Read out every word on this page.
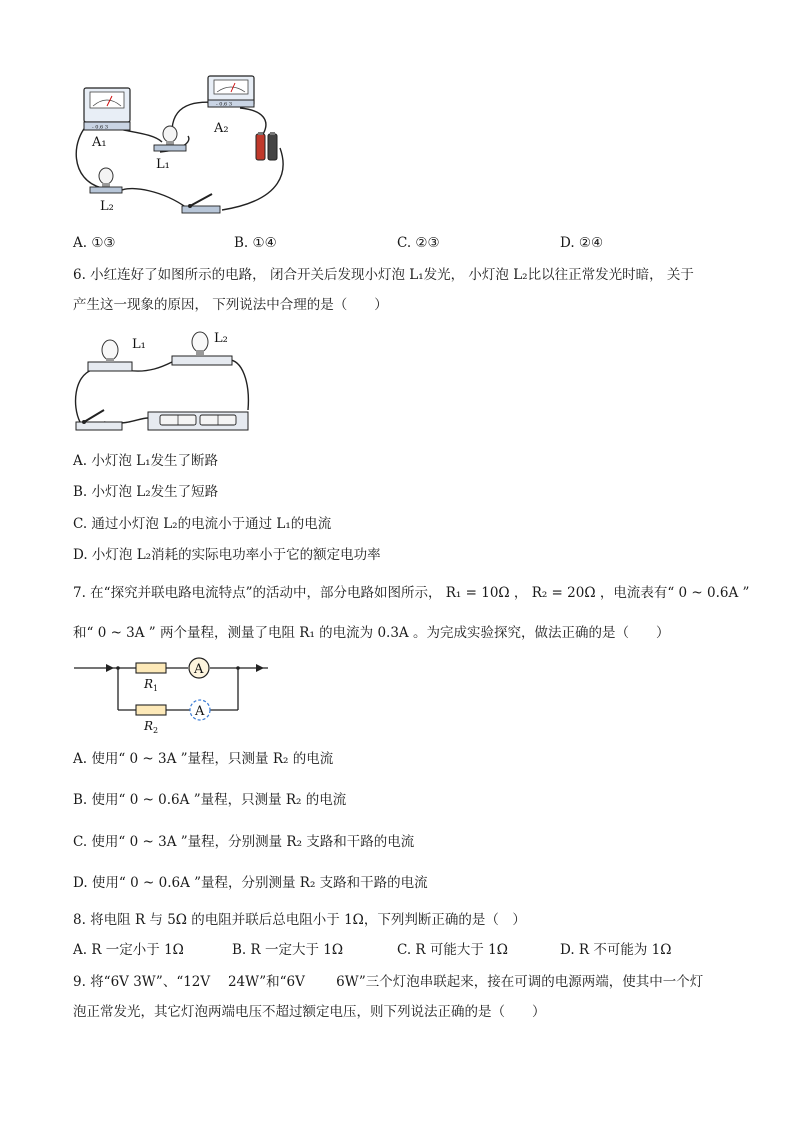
- 0.6 3
- 0.6 3
A₁
A₂
L₁
L₂
A. ①③	B. ①④	C. ②③	D. ②④
6. 小红连好了如图所示的电路， 闭合开关后发现小灯泡 L₁发光， 小灯泡 L₂比以往正常发光时暗， 关于
产生这一现象的原因， 下列说法中合理的是（　　）
L₁	L₂
A. 小灯泡 L₁发生了断路
B. 小灯泡 L₂发生了短路
C. 通过小灯泡 L₂的电流小于通过 L₁的电流
D. 小灯泡 L₂消耗的实际电功率小于它的额定电功率
7. 在“探究并联电路电流特点”的活动中，部分电路如图所示， R₁ = 10Ω ， R₂ = 20Ω ，电流表有“ 0 ~ 0.6A ”
和“ 0 ~ 3A ” 两个量程，测量了电阻 R₁ 的电流为 0.3A 。为完成实验探究，做法正确的是（　　）
A
A
$R_1$
$R_2$
A. 使用“ 0 ~ 3A ”量程，只测量 R₂ 的电流
B. 使用“ 0 ~ 0.6A ”量程，只测量 R₂ 的电流
C. 使用“ 0 ~ 3A ”量程，分别测量 R₂ 支路和干路的电流
D. 使用“ 0 ~ 0.6A ”量程，分别测量 R₂ 支路和干路的电流
8. 将电阻 R 与 5Ω 的电阻并联后总电阻小于 1Ω，下列判断正确的是（　）
A. R 一定小于 1Ω	B. R 一定大于 1Ω	C. R 可能大于 1Ω	D. R 不可能为 1Ω
9. 将“6V 3W”、“12V　 24W”和“6V　　 6W”三个灯泡串联起来，接在可调的电源两端，使其中一个灯
泡正常发光，其它灯泡两端电压不超过额定电压，则下列说法正确的是（　　）
